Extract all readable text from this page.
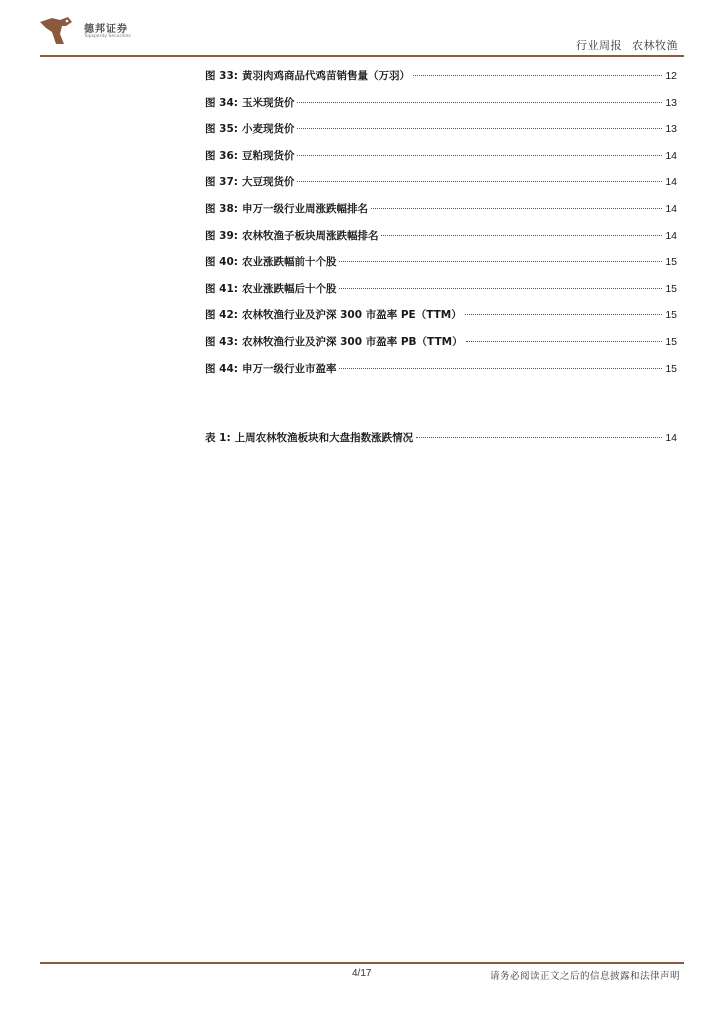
德邦证券
Topsperity Securities
行业周报 农林牧渔
图 33: 黄羽肉鸡商品代鸡苗销售量（万羽）	12
图 34: 玉米现货价	13
图 35: 小麦现货价	13
图 36: 豆粕现货价	14
图 37: 大豆现货价	14
图 38: 申万一级行业周涨跌幅排名	14
图 39: 农林牧渔子板块周涨跌幅排名	14
图 40: 农业涨跌幅前十个股	15
图 41: 农业涨跌幅后十个股	15
图 42: 农林牧渔行业及沪深 300 市盈率 PE（TTM）	15
图 43: 农林牧渔行业及沪深 300 市盈率 PB（TTM）	15
图 44: 申万一级行业市盈率	15
表 1: 上周农林牧渔板块和大盘指数涨跌情况	14
4/17	请务必阅读正文之后的信息披露和法律声明
